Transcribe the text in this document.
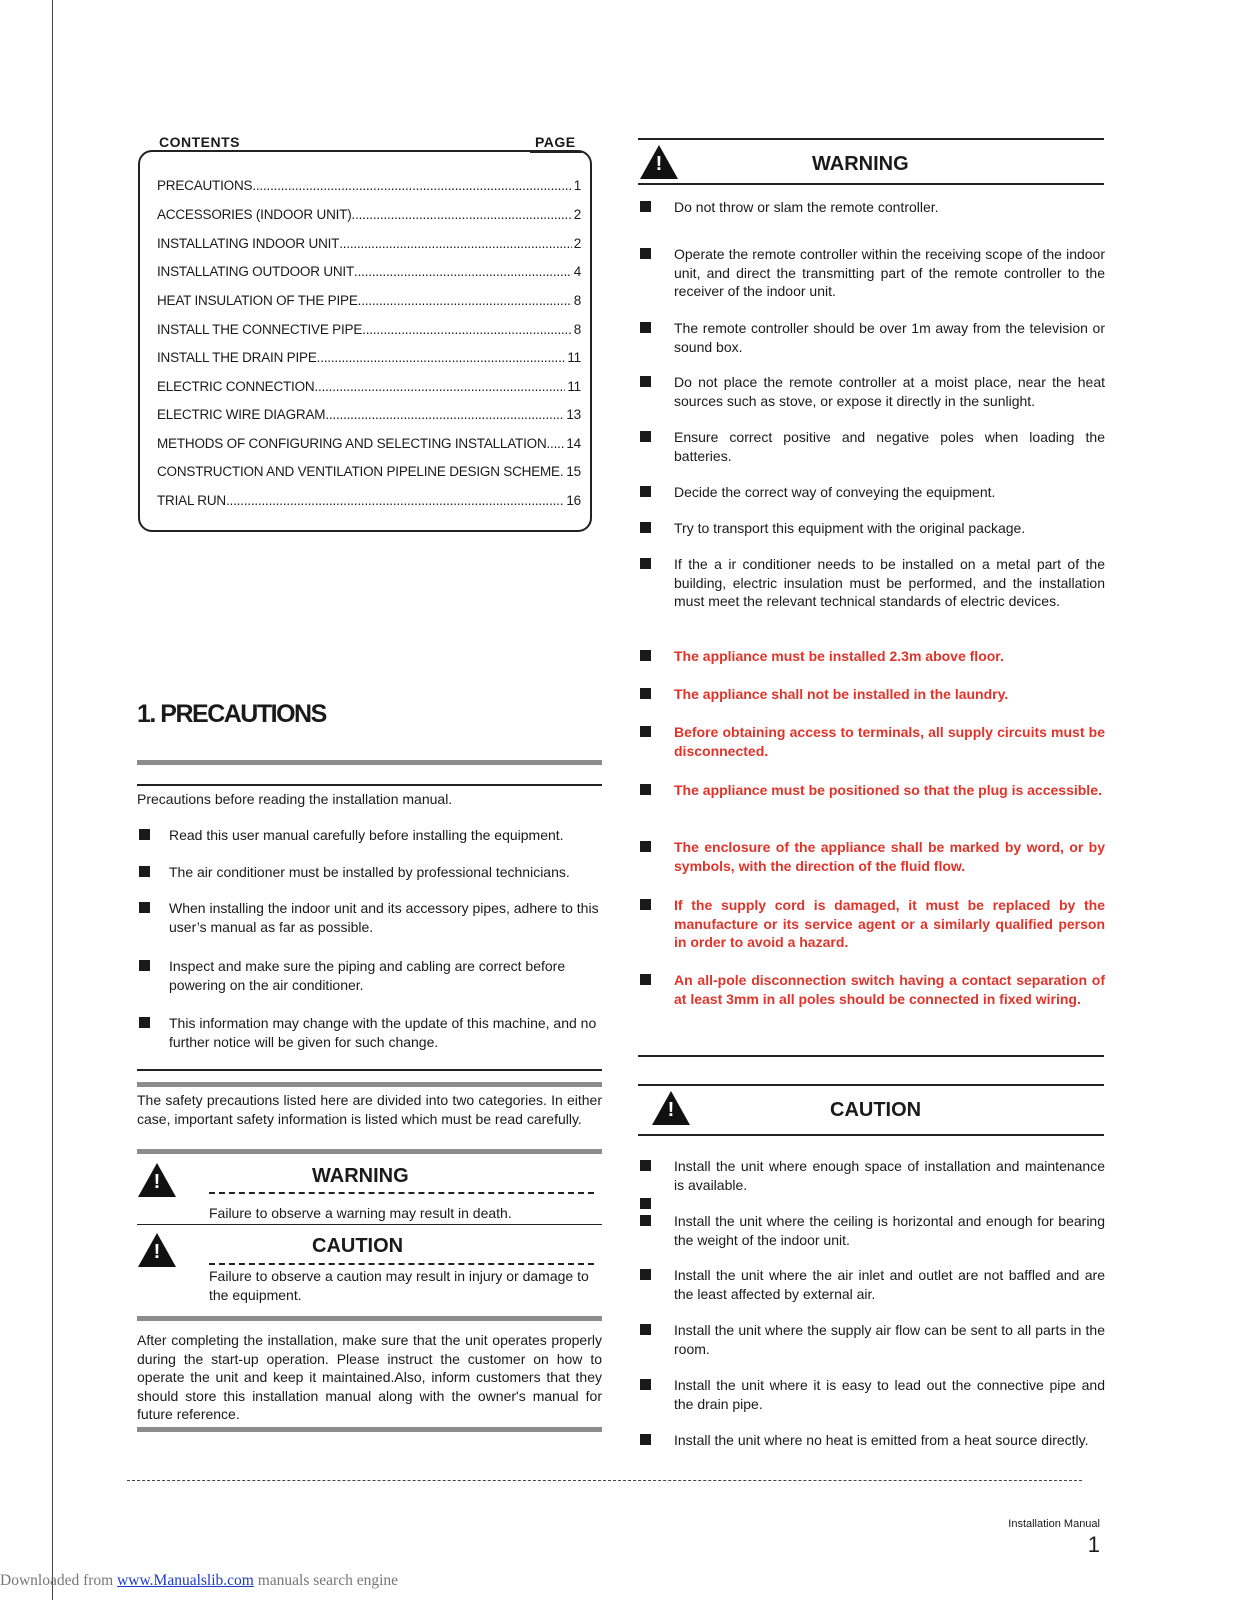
CONTENTS	PAGE
PRECAUTIONS .....	1
ACCESSORIES (INDOOR UNIT) .....	2
INSTALLATING INDOOR UNIT .....	2
INSTALLATING OUTDOOR UNIT .....	4
HEAT INSULATION OF THE PIPE .....	8
INSTALL THE CONNECTIVE PIPE .....	8
INSTALL THE DRAIN PIPE .....	11
ELECTRIC CONNECTION .....	11
ELECTRIC WIRE DIAGRAM .....	13
METHODS OF CONFIGURING AND SELECTING INSTALLATION ..... 14
CONSTRUCTION AND VENTILATION PIPELINE DESIGN SCHEME ..... 15
TRIAL RUN .....	16
1. PRECAUTIONS
Precautions before reading the installation manual.
Read this user manual carefully before installing the equipment.
The air conditioner must be installed by professional technicians.
When installing the indoor unit and its accessory pipes, adhere to this user’s manual as far as possible.
Inspect and make sure the piping and cabling are correct before powering on the air conditioner.
This information may change with the update of this machine, and no further notice will be given for such change.
The safety precautions listed here are divided into two categories. In either case, important safety information is listed which must be read carefully.
!	WARNING
Failure to observe a warning may result in death.
!	CAUTION
Failure to observe a caution may result in injury or damage to the equipment.
After completing the installation, make sure that the unit operates properly during the start-up operation. Please instruct the customer on how to operate the unit and keep it maintained.Also, inform customers that they should store this installation manual along with the owner's manual for future reference.
!	WARNING
Do not throw or slam the remote controller.
Operate the remote controller within the receiving scope of the indoor unit, and direct the transmitting part of the remote controller to the receiver of the indoor unit.
The remote controller should be over 1m away from the television or sound box.
Do not place the remote controller at a moist place, near the heat sources such as stove, or expose it directly in the sunlight.
Ensure correct positive and negative poles when loading the batteries.
Decide the correct way of conveying the equipment.
Try to transport this equipment with the original package.
If the a ir conditioner needs to be installed on a metal part of the building, electric insulation must be performed, and the installation must meet the relevant technical standards of electric devices.
The appliance must be installed 2.3m above floor.
The appliance shall not be installed in the laundry.
Before obtaining access to terminals, all supply circuits must be disconnected.
The appliance must be positioned so that the plug is accessible.
The enclosure of the appliance shall be marked by word, or by symbols, with the direction of the fluid flow.
If the supply cord is damaged, it must be replaced by the manufacture or its service agent or a similarly qualified person in order to avoid a hazard.
An all-pole disconnection switch having a contact separation of at least 3mm in all poles should be connected in fixed wiring.
!	CAUTION
Install the unit where enough space of installation and maintenance is available.
Install the unit where the ceiling is horizontal and enough for bearing the weight of the indoor unit.
Install the unit where the air inlet and outlet are not baffled and are the least affected by external air.
Install the unit where the supply air flow can be sent to all parts in the room.
Install the unit where it is easy to lead out the connective pipe and the drain pipe.
Install the unit where no heat is emitted from a heat source directly.
Installation Manual
1
Downloaded from www.Manualslib.com manuals search engine
